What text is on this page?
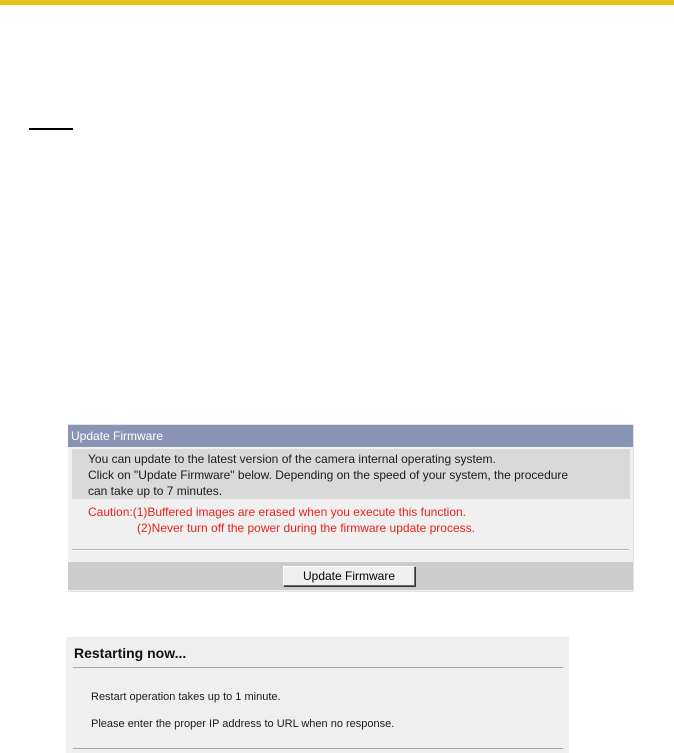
Update Firmware
You can update to the latest version of the camera internal operating system.
Click on "Update Firmware" below. Depending on the speed of your system, the procedure
can take up to 7 minutes.
Caution:(1)Buffered images are erased when you execute this function.
(2)Never turn off the power during the firmware update process.
Update Firmware
Restarting now...
Restart operation takes up to 1 minute.
Please enter the proper IP address to URL when no response.
